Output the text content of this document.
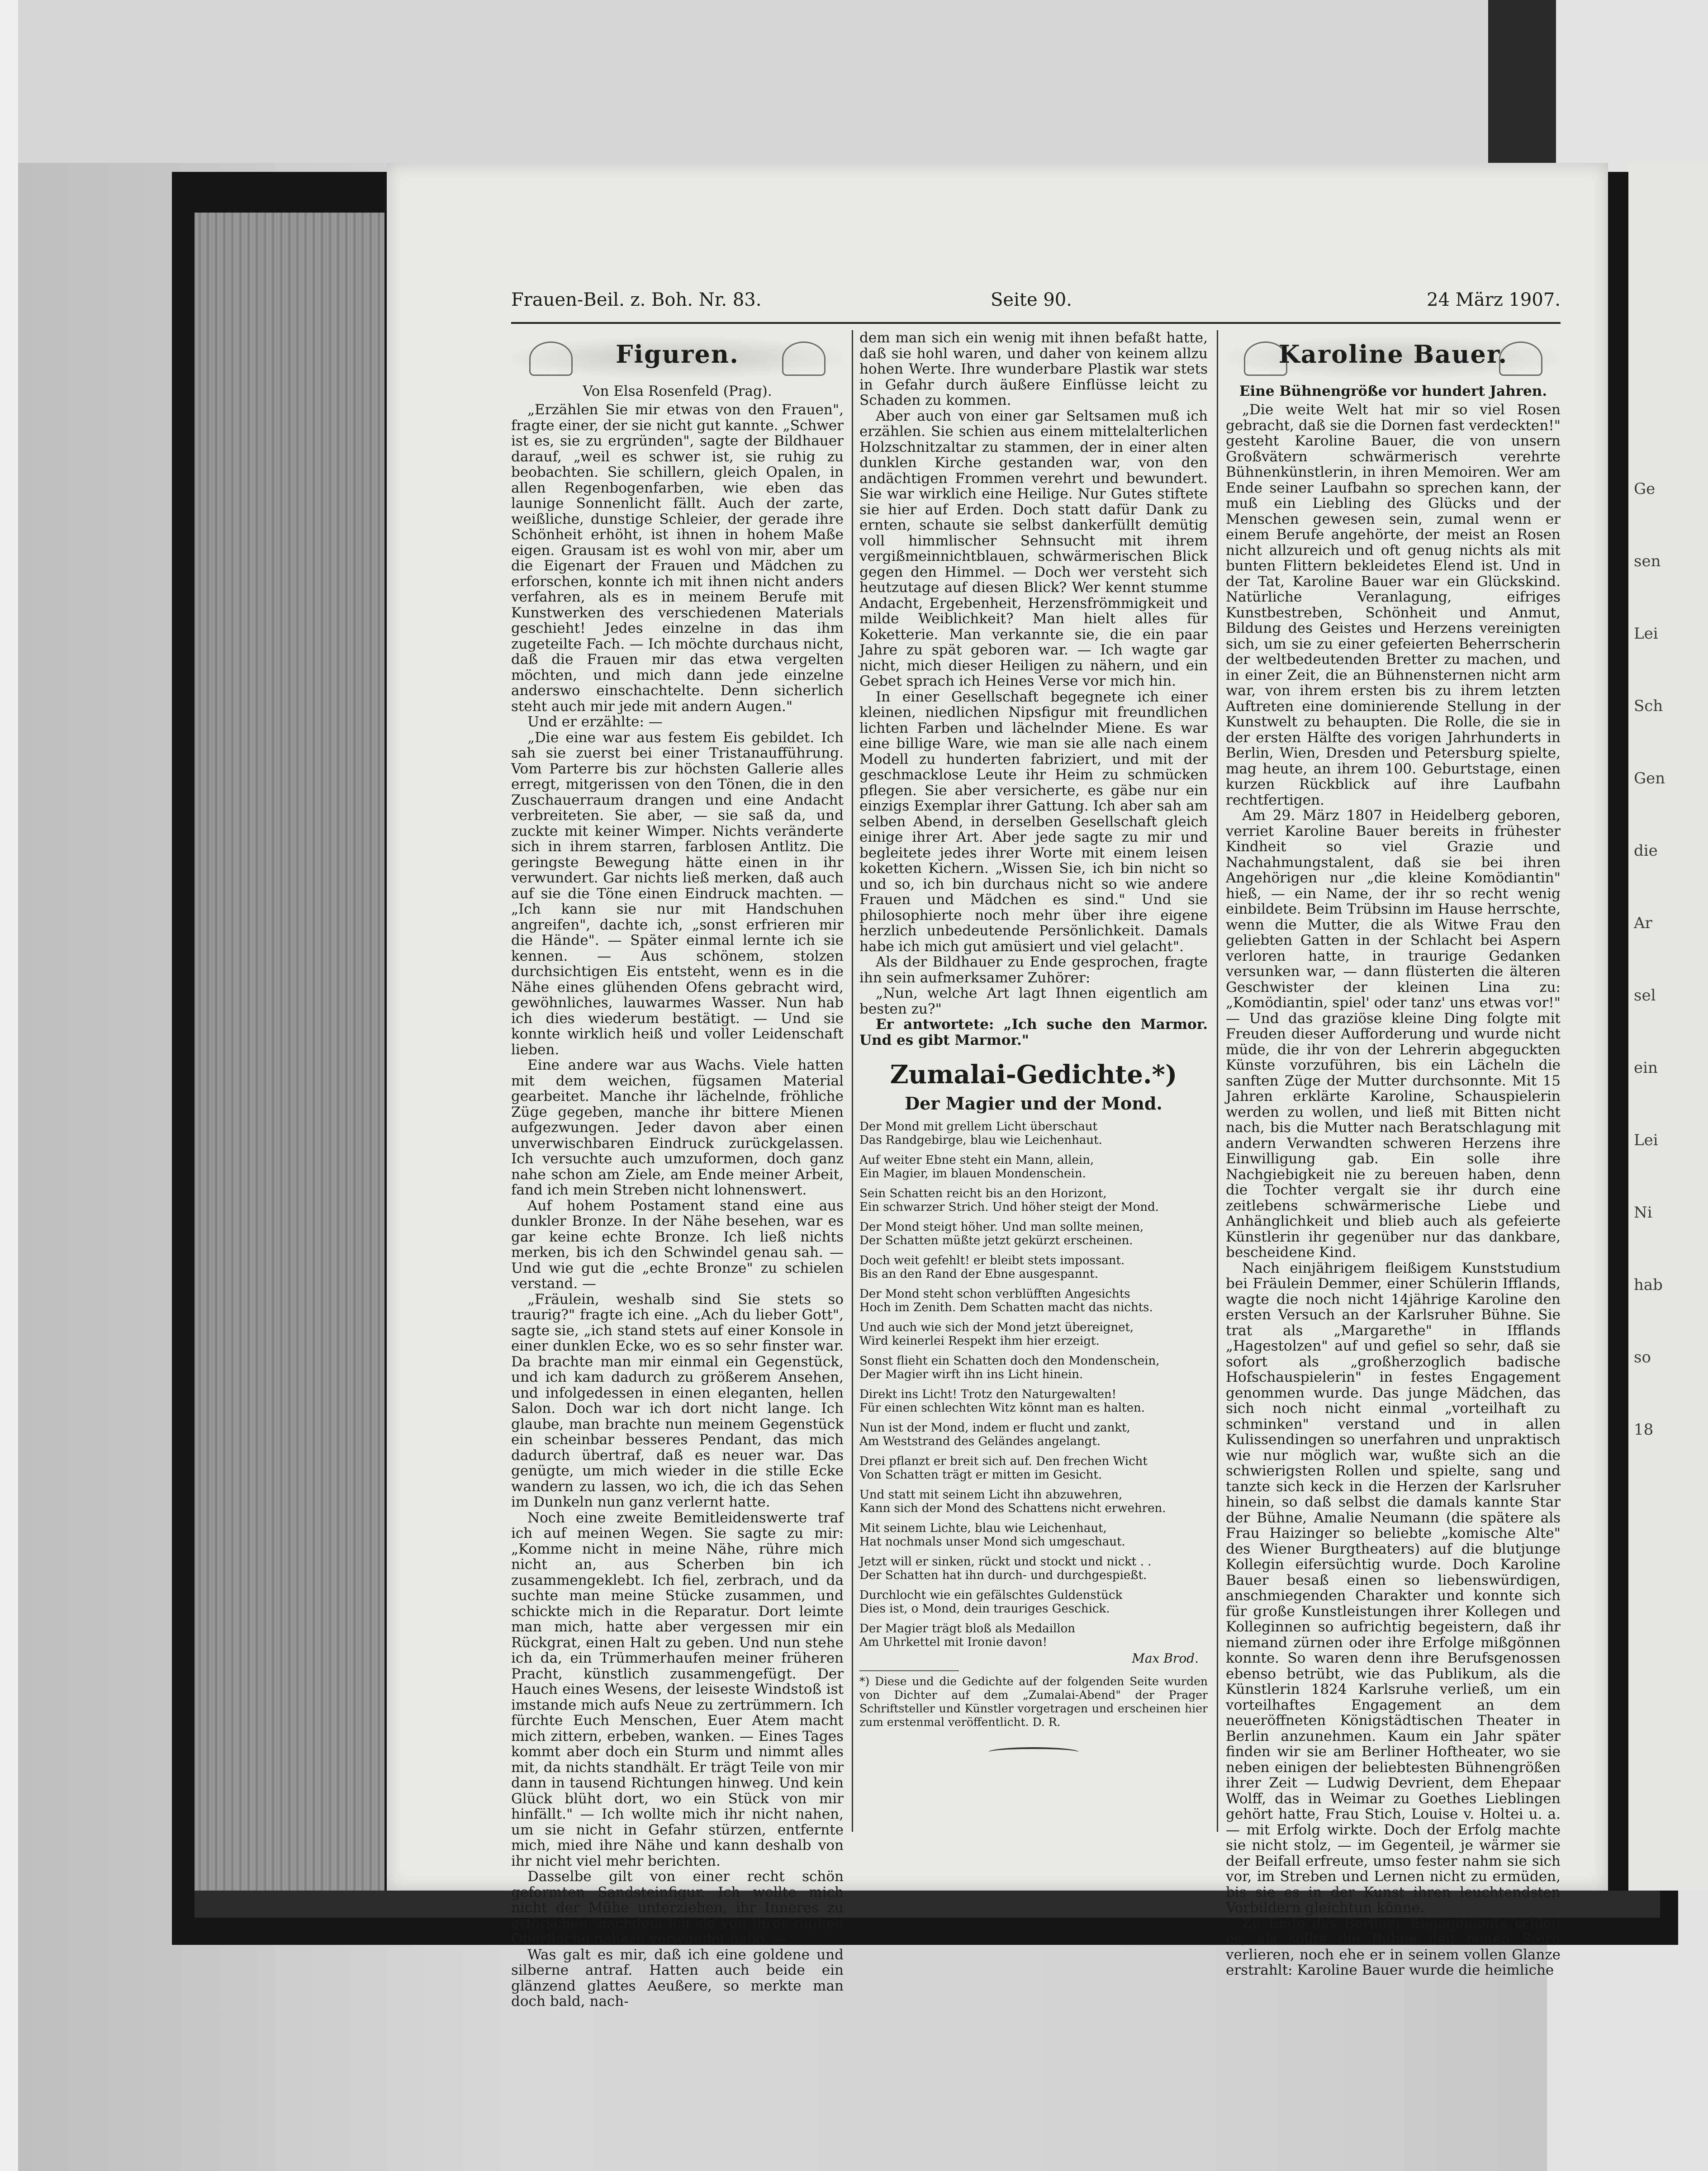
Ge
sen
Lei
Sch
Gen
die
Ar
sel
ein
Lei
Ni
hab
so
18
Frauen-Beil. z. Boh. Nr. 83.	Seite 90.	24 März 1907.
Figuren.

Von Elsa Rosenfeld (Prag).

„Erzählen Sie mir etwas von den Frauen", fragte einer, der sie nicht gut kannte. „Schwer ist es, sie zu ergründen", sagte der Bildhauer darauf, „weil es schwer ist, sie ruhig zu beobachten. Sie schillern, gleich Opalen, in allen Regenbogenfarben, wie eben das launige Sonnenlicht fällt. Auch der zarte, weißliche, dunstige Schleier, der gerade ihre Schönheit erhöht, ist ihnen in hohem Maße eigen. Grausam ist es wohl von mir, aber um die Eigenart der Frauen und Mädchen zu erforschen, konnte ich mit ihnen nicht anders verfahren, als es in meinem Berufe mit Kunstwerken des verschiedenen Materials geschieht! Jedes einzelne in das ihm zugeteilte Fach. — Ich möchte durchaus nicht, daß die Frauen mir das etwa vergelten möchten, und mich dann jede einzelne anderswo einschachtelte. Denn sicherlich steht auch mir jede mit andern Augen."

Und er erzählte: —

„Die eine war aus festem Eis gebildet. Ich sah sie zuerst bei einer Tristanaufführung. Vom Parterre bis zur höchsten Gallerie alles erregt, mitgerissen von den Tönen, die in den Zuschauerraum drangen und eine Andacht verbreiteten. Sie aber, — sie saß da, und zuckte mit keiner Wimper. Nichts veränderte sich in ihrem starren, farblosen Antlitz. Die geringste Bewegung hätte einen in ihr verwundert. Gar nichts ließ merken, daß auch auf sie die Töne einen Eindruck machten. — „Ich kann sie nur mit Handschuhen angreifen", dachte ich, „sonst erfrieren mir die Hände". — Später einmal lernte ich sie kennen. — Aus schönem, stolzen durchsichtigen Eis entsteht, wenn es in die Nähe eines glühenden Ofens gebracht wird, gewöhnliches, lauwarmes Wasser. Nun hab ich dies wiederum bestätigt. — Und sie konnte wirklich heiß und voller Leidenschaft lieben.

Eine andere war aus Wachs. Viele hatten mit dem weichen, fügsamen Material gearbeitet. Manche ihr lächelnde, fröhliche Züge gegeben, manche ihr bittere Mienen aufgezwungen. Jeder davon aber einen unverwischbaren Eindruck zurückgelassen. Ich versuchte auch umzuformen, doch ganz nahe schon am Ziele, am Ende meiner Arbeit, fand ich mein Streben nicht lohnenswert.

Auf hohem Postament stand eine aus dunkler Bronze. In der Nähe besehen, war es gar keine echte Bronze. Ich ließ nichts merken, bis ich den Schwindel genau sah. — Und wie gut die „echte Bronze" zu schielen verstand. —

„Fräulein, weshalb sind Sie stets so traurig?" fragte ich eine. „Ach du lieber Gott", sagte sie, „ich stand stets auf einer Konsole in einer dunklen Ecke, wo es so sehr finster war. Da brachte man mir einmal ein Gegenstück, und ich kam dadurch zu größerem Ansehen, und infolgedessen in einen eleganten, hellen Salon. Doch war ich dort nicht lange. Ich glaube, man brachte nun meinem Gegenstück ein scheinbar besseres Pendant, das mich dadurch übertraf, daß es neuer war. Das genügte, um mich wieder in die stille Ecke wandern zu lassen, wo ich, die ich das Sehen im Dunkeln nun ganz verlernt hatte.

Noch eine zweite Bemitleidenswerte traf ich auf meinen Wegen. Sie sagte zu mir: „Komme nicht in meine Nähe, rühre mich nicht an, aus Scherben bin ich zusammengeklebt. Ich fiel, zerbrach, und da suchte man meine Stücke zusammen, und schickte mich in die Reparatur. Dort leimte man mich, hatte aber vergessen mir ein Rückgrat, einen Halt zu geben. Und nun stehe ich da, ein Trümmerhaufen meiner früheren Pracht, künstlich zusammengefügt. Der Hauch eines Wesens, der leiseste Windstoß ist imstande mich aufs Neue zu zertrümmern. Ich fürchte Euch Menschen, Euer Atem macht mich zittern, erbeben, wanken. — Eines Tages kommt aber doch ein Sturm und nimmt alles mit, da nichts standhält. Er trägt Teile von mir dann in tausend Richtungen hinweg. Und kein Glück blüht dort, wo ein Stück von mir hinfällt." — Ich wollte mich ihr nicht nahen, um sie nicht in Gefahr stürzen, entfernte mich, mied ihre Nähe und kann deshalb von ihr nicht viel mehr berichten.

Dasselbe gilt von einer recht schön geformten Sandsteinfigur. Ich wollte mich nicht der Mühe unterziehen, ihr Inneres zu erforschen, nachdem ich sie von ihrer rauhen Oberfläche nahezu verwundet habe. —

Was galt es mir, daß ich eine goldene und silberne antraf. Hatten auch beide ein glänzend glattes Aeußere, so merkte man doch bald, nach-

dem man sich ein wenig mit ihnen befaßt hatte, daß sie hohl waren, und daher von keinem allzu hohen Werte. Ihre wunderbare Plastik war stets in Gefahr durch äußere Einflüsse leicht zu Schaden zu kommen.

Aber auch von einer gar Seltsamen muß ich erzählen. Sie schien aus einem mittelalterlichen Holzschnitzaltar zu stammen, der in einer alten dunklen Kirche gestanden war, von den andächtigen Frommen verehrt und bewundert. Sie war wirklich eine Heilige. Nur Gutes stiftete sie hier auf Erden. Doch statt dafür Dank zu ernten, schaute sie selbst dankerfüllt demütig voll himmlischer Sehnsucht mit ihrem vergißmeinnichtblauen, schwärmerischen Blick gegen den Himmel. — Doch wer versteht sich heutzutage auf diesen Blick? Wer kennt stumme Andacht, Ergebenheit, Herzensfrömmigkeit und milde Weiblichkeit? Man hielt alles für Koketterie. Man verkannte sie, die ein paar Jahre zu spät geboren war. — Ich wagte gar nicht, mich dieser Heiligen zu nähern, und ein Gebet sprach ich Heines Verse vor mich hin.

In einer Gesellschaft begegnete ich einer kleinen, niedlichen Nipsfigur mit freundlichen lichten Farben und lächelnder Miene. Es war eine billige Ware, wie man sie alle nach einem Modell zu hunderten fabriziert, und mit der geschmacklose Leute ihr Heim zu schmücken pflegen. Sie aber versicherte, es gäbe nur ein einzigs Exemplar ihrer Gattung. Ich aber sah am selben Abend, in derselben Gesellschaft gleich einige ihrer Art. Aber jede sagte zu mir und begleitete jedes ihrer Worte mit einem leisen koketten Kichern. „Wissen Sie, ich bin nicht so und so, ich bin durchaus nicht so wie andere Frauen und Mädchen es sind." Und sie philosophierte noch mehr über ihre eigene herzlich unbedeutende Persönlichkeit. Damals habe ich mich gut amüsiert und viel gelacht".

Als der Bildhauer zu Ende gesprochen, fragte ihn sein aufmerksamer Zuhörer:

„Nun, welche Art lagt Ihnen eigentlich am besten zu?"

Er antwortete: „Ich suche den Marmor. Und es gibt Marmor."

Zumalai-Gedichte.*)
Der Magier und der Mond.

Der Mond mit grellem Licht überschaut

Das Randgebirge, blau wie Leichenhaut.

Auf weiter Ebne steht ein Mann, allein,

Ein Magier, im blauen Mondenschein.

Sein Schatten reicht bis an den Horizont,

Ein schwarzer Strich. Und höher steigt der Mond.

Der Mond steigt höher. Und man sollte meinen,

Der Schatten müßte jetzt gekürzt erscheinen.

Doch weit gefehlt! er bleibt stets impossant.

Bis an den Rand der Ebne ausgespannt.

Der Mond steht schon verblüfften Angesichts

Hoch im Zenith. Dem Schatten macht das nichts.

Und auch wie sich der Mond jetzt übereignet,

Wird keinerlei Respekt ihm hier erzeigt.

Sonst flieht ein Schatten doch den Mondenschein,

Der Magier wirft ihn ins Licht hinein.

Direkt ins Licht! Trotz den Naturgewalten!

Für einen schlechten Witz könnt man es halten.

Nun ist der Mond, indem er flucht und zankt,

Am Weststrand des Geländes angelangt.

Drei pflanzt er breit sich auf. Den frechen Wicht

Von Schatten trägt er mitten im Gesicht.

Und statt mit seinem Licht ihn abzuwehren,

Kann sich der Mond des Schattens nicht erwehren.

Mit seinem Lichte, blau wie Leichenhaut,

Hat nochmals unser Mond sich umgeschaut.

Jetzt will er sinken, rückt und stockt und nickt . .

Der Schatten hat ihn durch- und durchgespießt.

Durchlocht wie ein gefälschtes Guldenstück

Dies ist, o Mond, dein trauriges Geschick.

Der Magier trägt bloß als Medaillon

Am Uhrkettel mit Ironie davon!

Max Brod.

*) Diese und die Gedichte auf der folgenden Seite wurden von Dichter auf dem „Zumalai-Abend" der Prager Schriftsteller und Künstler vorgetragen und erscheinen hier zum erstenmal veröffentlicht. D. R.

Karoline Bauer.

Eine Bühnengröße vor hundert Jahren.

„Die weite Welt hat mir so viel Rosen gebracht, daß sie die Dornen fast verdeckten!" gesteht Karoline Bauer, die von unsern Großvätern schwärmerisch verehrte Bühnenkünstlerin, in ihren Memoiren. Wer am Ende seiner Laufbahn so sprechen kann, der muß ein Liebling des Glücks und der Menschen gewesen sein, zumal wenn er einem Berufe angehörte, der meist an Rosen nicht allzureich und oft genug nichts als mit bunten Flittern bekleidetes Elend ist. Und in der Tat, Karoline Bauer war ein Glückskind. Natürliche Veranlagung, eifriges Kunstbestreben, Schönheit und Anmut, Bildung des Geistes und Herzens vereinigten sich, um sie zu einer gefeierten Beherrscherin der weltbedeutenden Bretter zu machen, und in einer Zeit, die an Bühnensternen nicht arm war, von ihrem ersten bis zu ihrem letzten Auftreten eine dominierende Stellung in der Kunstwelt zu behaupten. Die Rolle, die sie in der ersten Hälfte des vorigen Jahrhunderts in Berlin, Wien, Dresden und Petersburg spielte, mag heute, an ihrem 100. Geburtstage, einen kurzen Rückblick auf ihre Laufbahn rechtfertigen.

Am 29. März 1807 in Heidelberg geboren, verriet Karoline Bauer bereits in frühester Kindheit so viel Grazie und Nachahmungstalent, daß sie bei ihren Angehörigen nur „die kleine Komödiantin" hieß, — ein Name, der ihr so recht wenig einbildete. Beim Trübsinn im Hause herrschte, wenn die Mutter, die als Witwe Frau den geliebten Gatten in der Schlacht bei Aspern verloren hatte, in traurige Gedanken versunken war, — dann flüsterten die älteren Geschwister der kleinen Lina zu: „Komödiantin, spiel' oder tanz' uns etwas vor!" — Und das graziöse kleine Ding folgte mit Freuden dieser Aufforderung und wurde nicht müde, die ihr von der Lehrerin abgeguckten Künste vorzuführen, bis ein Lächeln die sanften Züge der Mutter durchsonnte. Mit 15 Jahren erklärte Karoline, Schauspielerin werden zu wollen, und ließ mit Bitten nicht nach, bis die Mutter nach Beratschlagung mit andern Verwandten schweren Herzens ihre Einwilligung gab. Ein solle ihre Nachgiebigkeit nie zu bereuen haben, denn die Tochter vergalt sie ihr durch eine zeitlebens schwärmerische Liebe und Anhänglichkeit und blieb auch als gefeierte Künstlerin ihr gegenüber nur das dankbare, bescheidene Kind.

Nach einjährigem fleißigem Kunststudium bei Fräulein Demmer, einer Schülerin Ifflands, wagte die noch nicht 14jährige Karoline den ersten Versuch an der Karlsruher Bühne. Sie trat als „Margarethe" in Ifflands „Hagestolzen" auf und gefiel so sehr, daß sie sofort als „großherzoglich badische Hofschauspielerin" in festes Engagement genommen wurde. Das junge Mädchen, das sich noch nicht einmal „vorteilhaft zu schminken" verstand und in allen Kulissendingen so unerfahren und unpraktisch wie nur möglich war, wußte sich an die schwierigsten Rollen und spielte, sang und tanzte sich keck in die Herzen der Karlsruher hinein, so daß selbst die damals kannte Star der Bühne, Amalie Neumann (die spätere als Frau Haizinger so beliebte „komische Alte" des Wiener Burgtheaters) auf die blutjunge Kollegin eifersüchtig wurde. Doch Karoline Bauer besaß einen so liebenswürdigen, anschmiegenden Charakter und konnte sich für große Kunstleistungen ihrer Kollegen und Kolleginnen so aufrichtig begeistern, daß ihr niemand zürnen oder ihre Erfolge mißgönnen konnte. So waren denn ihre Berufsgenossen ebenso betrübt, wie das Publikum, als die Künstlerin 1824 Karlsruhe verließ, um ein vorteilhaftes Engagement an dem neueröffneten Königstädtischen Theater in Berlin anzunehmen. Kaum ein Jahr später finden wir sie am Berliner Hoftheater, wo sie neben einigen der beliebtesten Bühnengrößen ihrer Zeit — Ludwig Devrient, dem Ehepaar Wolff, das in Weimar zu Goethes Lieblingen gehört hatte, Frau Stich, Louise v. Holtei u. a. — mit Erfolg wirkte. Doch der Erfolg machte sie nicht stolz, — im Gegenteil, je wärmer sie der Beifall erfreute, umso fester nahm sie sich vor, im Streben und Lernen nicht zu ermüden, bis sie es in der Kunst ihren leuchtendsten Vorbildern gleichtun könne.

Zu Ende des Berliner Engagements schien es, als sollte die Bühne den neuen Stern verlieren, noch ehe er in seinem vollen Glanze erstrahlt: Karoline Bauer wurde die heimliche
